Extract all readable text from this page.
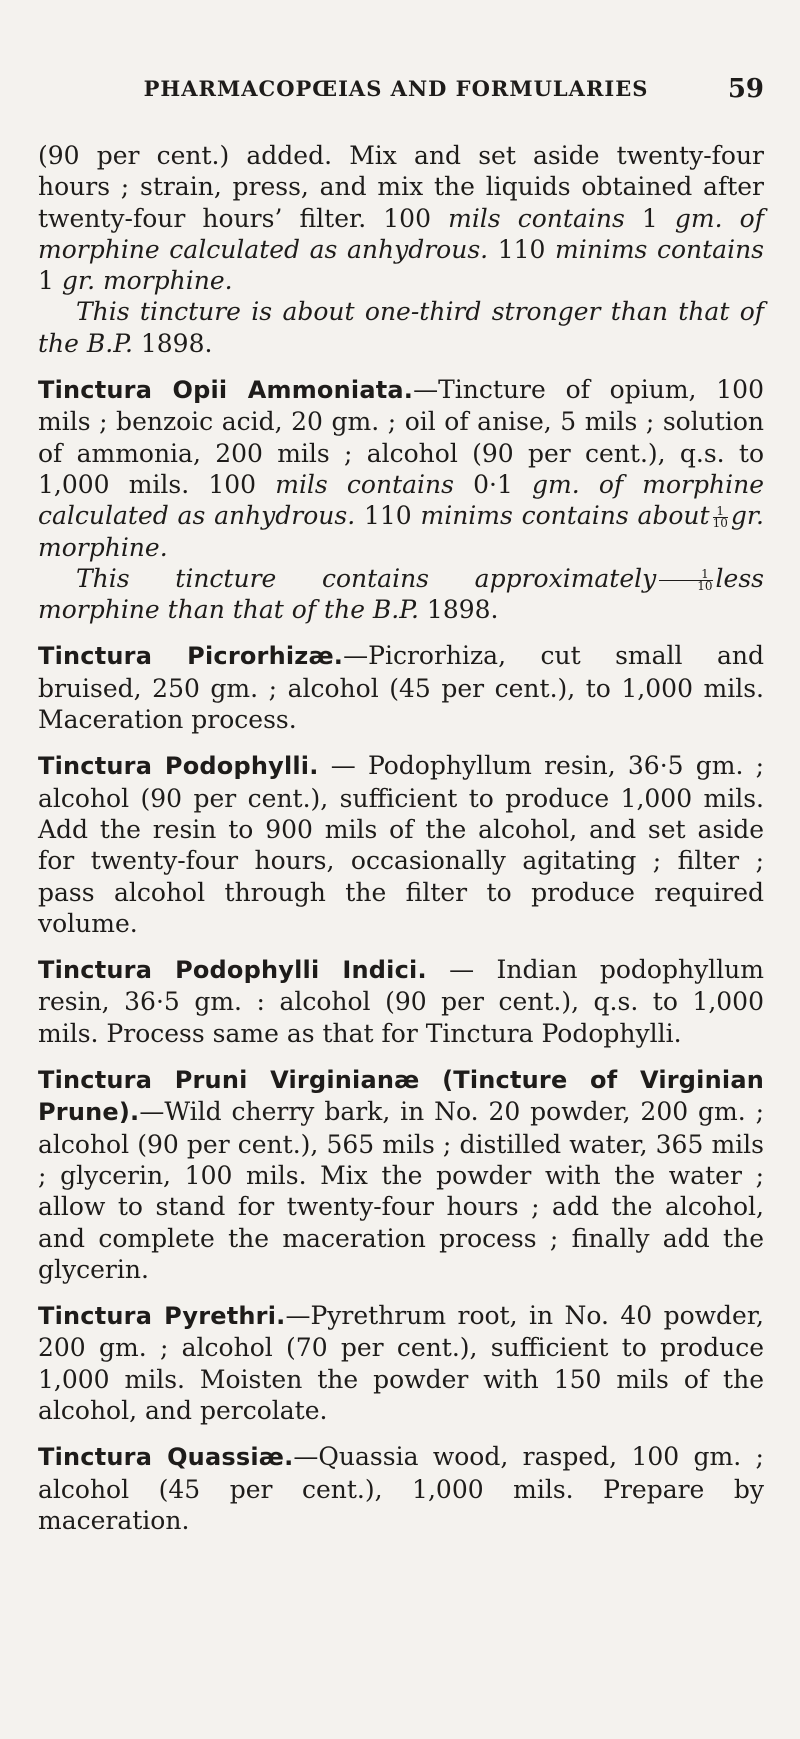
PHARMACOPŒIAS AND FORMULARIES	59

(90 per cent.) added. Mix and set aside twenty-four hours ; strain, press, and mix the liquids obtained after twenty-four hours’ filter. 100 mils contains 1 gm. of morphine calculated as anhydrous. 110 minims contains 1 gr. morphine.

This tincture is about one-third stronger than that of the B.P. 1898.

Tinctura Opii Ammoniata.—Tincture of opium, 100 mils ; benzoic acid, 20 gm. ; oil of anise, 5 mils ; solution of ammonia, 200 mils ; alcohol (90 per cent.), q.s. to 1,000 mils. 100 mils contains 0·1 gm. of morphine calculated as anhydrous. 110 minims contains about $\frac{1}{10}$ gr. morphine.

This tincture contains approximately $\frac{1}{10}$ less morphine than that of the B.P. 1898.

Tinctura Picrorhizæ.—Picrorhiza, cut small and bruised, 250 gm. ; alcohol (45 per cent.), to 1,000 mils. Maceration process.

Tinctura Podophylli. — Podophyllum resin, 36·5 gm. ; alcohol (90 per cent.), sufficient to produce 1,000 mils. Add the resin to 900 mils of the alcohol, and set aside for twenty-four hours, occasionally agitating ; filter ; pass alcohol through the filter to produce required volume.

Tinctura Podophylli Indici. — Indian podophyllum resin, 36·5 gm. : alcohol (90 per cent.), q.s. to 1,000 mils. Process same as that for Tinctura Podophylli.

Tinctura Pruni Virginianæ (Tincture of Virginian Prune).—Wild cherry bark, in No. 20 powder, 200 gm. ; alcohol (90 per cent.), 565 mils ; distilled water, 365 mils ; glycerin, 100 mils. Mix the powder with the water ; allow to stand for twenty-four hours ; add the alcohol, and complete the maceration process ; finally add the glycerin.

Tinctura Pyrethri.—Pyrethrum root, in No. 40 powder, 200 gm. ; alcohol (70 per cent.), sufficient to produce 1,000 mils. Moisten the powder with 150 mils of the alcohol, and percolate.

Tinctura Quassiæ.—Quassia wood, rasped, 100 gm. ; alcohol (45 per cent.), 1,000 mils. Prepare by maceration.
